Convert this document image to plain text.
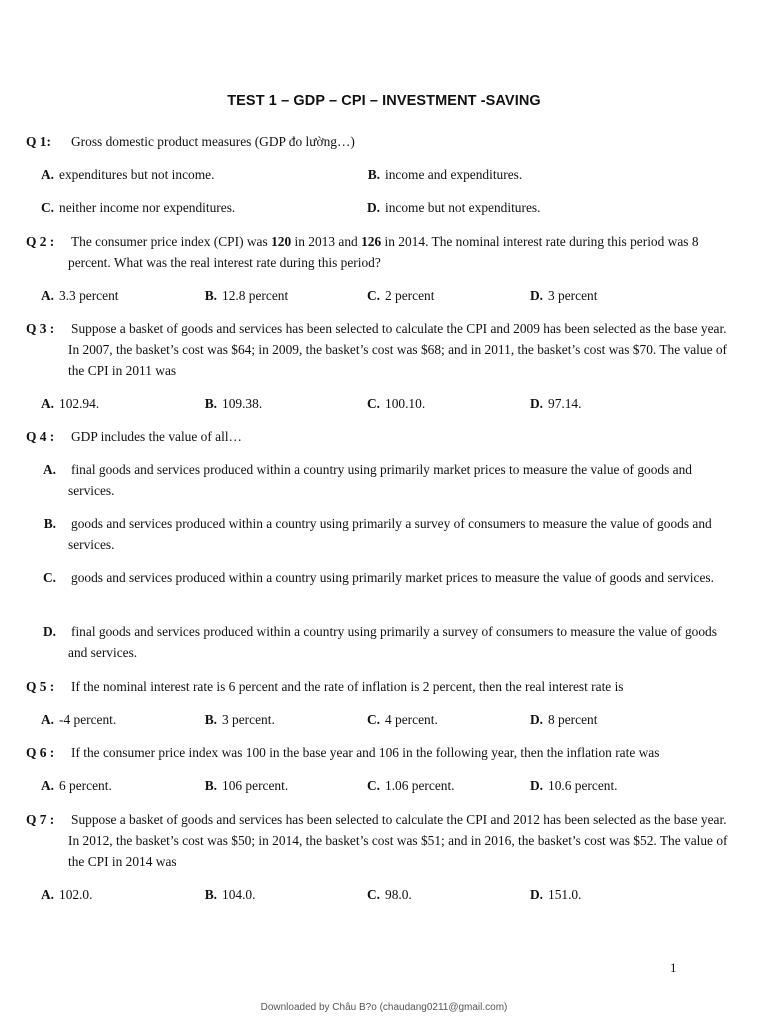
TEST 1 – GDP – CPI – INVESTMENT -SAVING
Q 1: Gross domestic product measures (GDP đo lường…)
A. expenditures but not income.	B. income and expenditures.
C. neither income nor expenditures.	D. income but not expenditures.
Q 2 : The consumer price index (CPI) was 120 in 2013 and 126 in 2014. The nominal interest rate during this period was 8 percent. What was the real interest rate during this period?
A. 3.3 percent	B. 12.8 percent	C. 2 percent	D. 3 percent
Q 3 : Suppose a basket of goods and services has been selected to calculate the CPI and 2009 has been selected as the base year. In 2007, the basket’s cost was $64; in 2009, the basket’s cost was $68; and in 2011, the basket’s cost was $70. The value of the CPI in 2011 was
A. 102.94.	B. 109.38.	C. 100.10.	D. 97.14.
Q 4 : GDP includes the value of all…
A. final goods and services produced within a country using primarily market prices to measure the value of goods and services.
B. goods and services produced within a country using primarily a survey of consumers to measure the value of goods and services.
C. goods and services produced within a country using primarily market prices to measure the value of goods and services.
D. final goods and services produced within a country using primarily a survey of consumers to measure the value of goods and services.
Q 5 : If the nominal interest rate is 6 percent and the rate of inflation is 2 percent, then the real interest rate is
A. -4 percent.	B. 3 percent.	C. 4 percent.	D. 8 percent
Q 6 : If the consumer price index was 100 in the base year and 106 in the following year, then the inflation rate was
A. 6 percent.	B. 106 percent.	C. 1.06 percent.	D. 10.6 percent.
Q 7 : Suppose a basket of goods and services has been selected to calculate the CPI and 2012 has been selected as the base year. In 2012, the basket’s cost was $50; in 2014, the basket’s cost was $51; and in 2016, the basket’s cost was $52. The value of the CPI in 2014 was
A. 102.0.	B. 104.0.	C. 98.0.	D. 151.0.
1
Downloaded by Châu B?o (chaudang0211@gmail.com)
